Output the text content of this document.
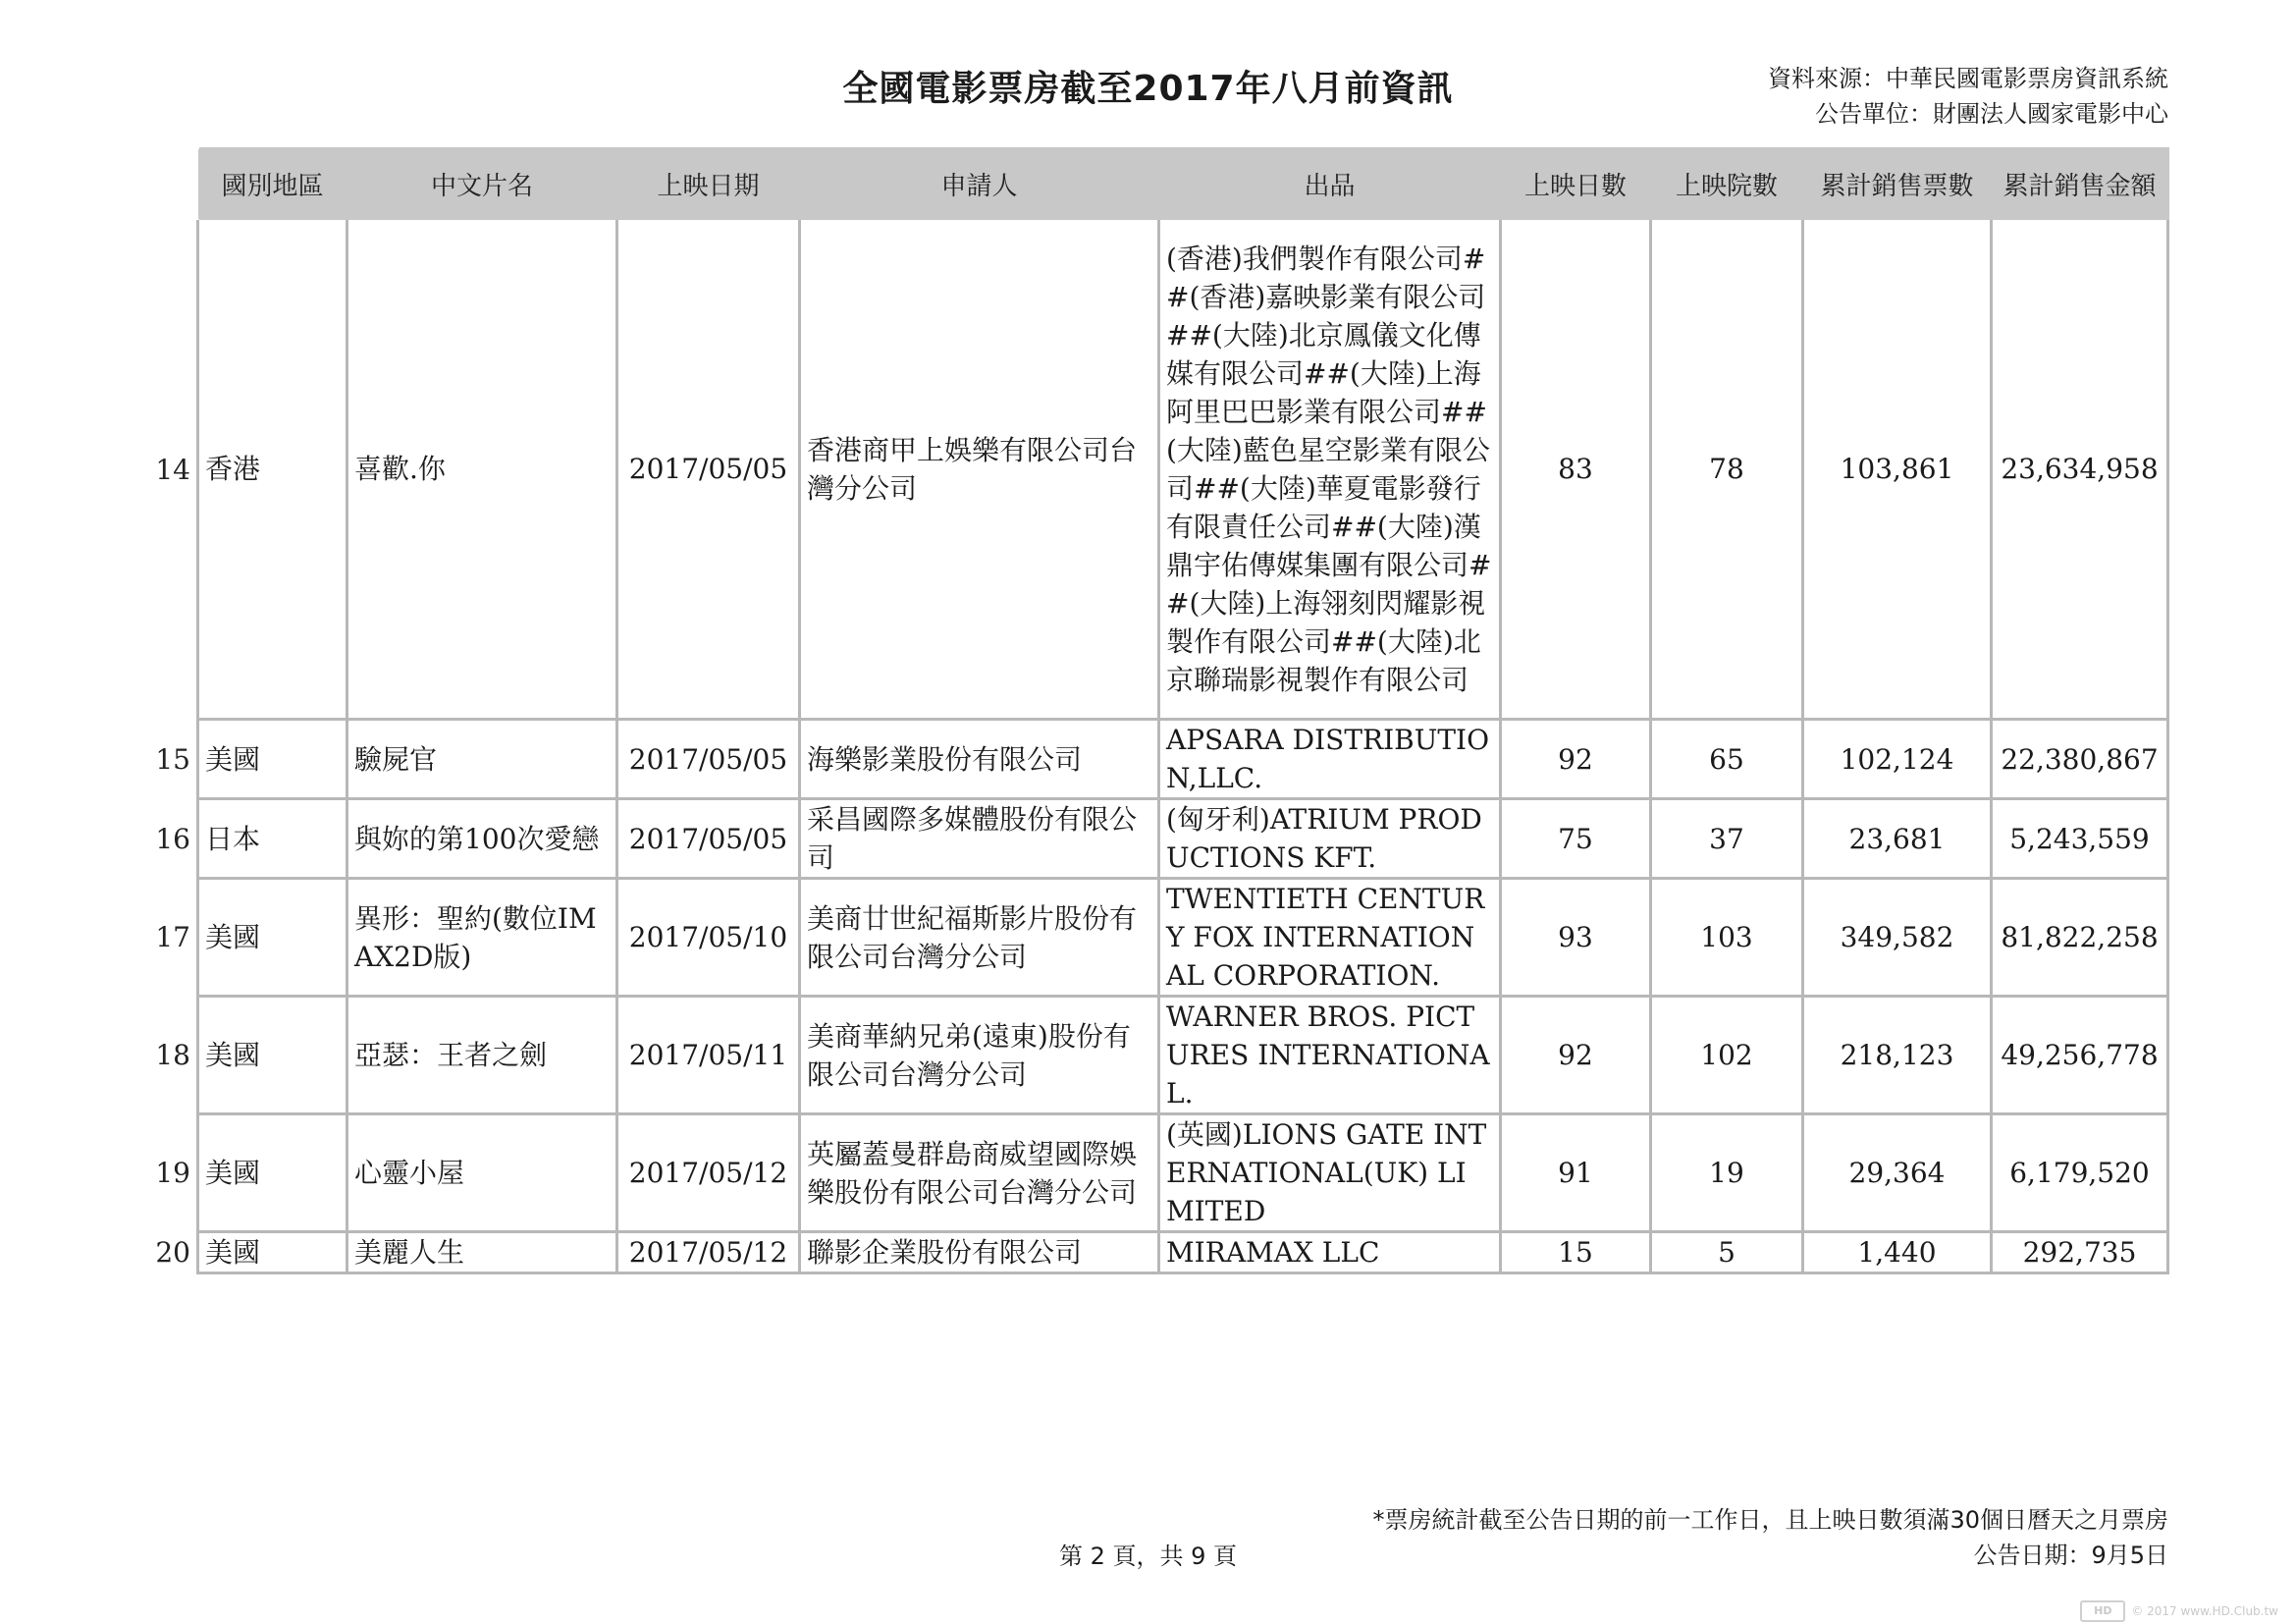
全國電影票房截至2017年八月前資訊	資料來源：中華民國電影票房資訊系統
公告單位：財團法人國家電影中心
	國別地區	中文片名	上映日期	申請人	出品	上映日數	上映院數	累計銷售票數	累計銷售金額
14	香港	喜歡.你	2017/05/05	香港商甲上娛樂有限公司台灣分公司	(香港)我們製作有限公司##(香港)嘉映影業有限公司##(大陸)北京鳳儀文化傳媒有限公司##(大陸)上海阿里巴巴影業有限公司##(大陸)藍色星空影業有限公司##(大陸)華夏電影發行有限責任公司##(大陸)漢鼎宇佑傳媒集團有限公司##(大陸)上海翎刻閃耀影視製作有限公司##(大陸)北京聯瑞影視製作有限公司	83	78	103,861	23,634,958
15	美國	驗屍官	2017/05/05	海樂影業股份有限公司	APSARA DISTRIBUTION,LLC.	92	65	102,124	22,380,867
16	日本	與妳的第100次愛戀	2017/05/05	采昌國際多媒體股份有限公司	(匈牙利)ATRIUM PRODUCTIONS KFT.	75	37	23,681	5,243,559
17	美國	異形：聖約(數位IMAX2D版)	2017/05/10	美商廿世紀福斯影片股份有限公司台灣分公司	TWENTIETH CENTURY FOX INTERNATIONAL CORPORATION.	93	103	349,582	81,822,258
18	美國	亞瑟：王者之劍	2017/05/11	美商華納兄弟(遠東)股份有限公司台灣分公司	WARNER BROS. PICTURES INTERNATIONAL.	92	102	218,123	49,256,778
19	美國	心靈小屋	2017/05/12	英屬蓋曼群島商威望國際娛樂股份有限公司台灣分公司	(英國)LIONS GATE INTERNATIONAL(UK) LIMITED	91	19	29,364	6,179,520
20	美國	美麗人生	2017/05/12	聯影企業股份有限公司	MIRAMAX LLC	15	5	1,440	292,735
*票房統計截至公告日期的前一工作日，且上映日數須滿30個日曆天之月票房
公告日期：9月5日
第 2 頁，共 9 頁
HD	© 2017 www.HD.Club.tw
